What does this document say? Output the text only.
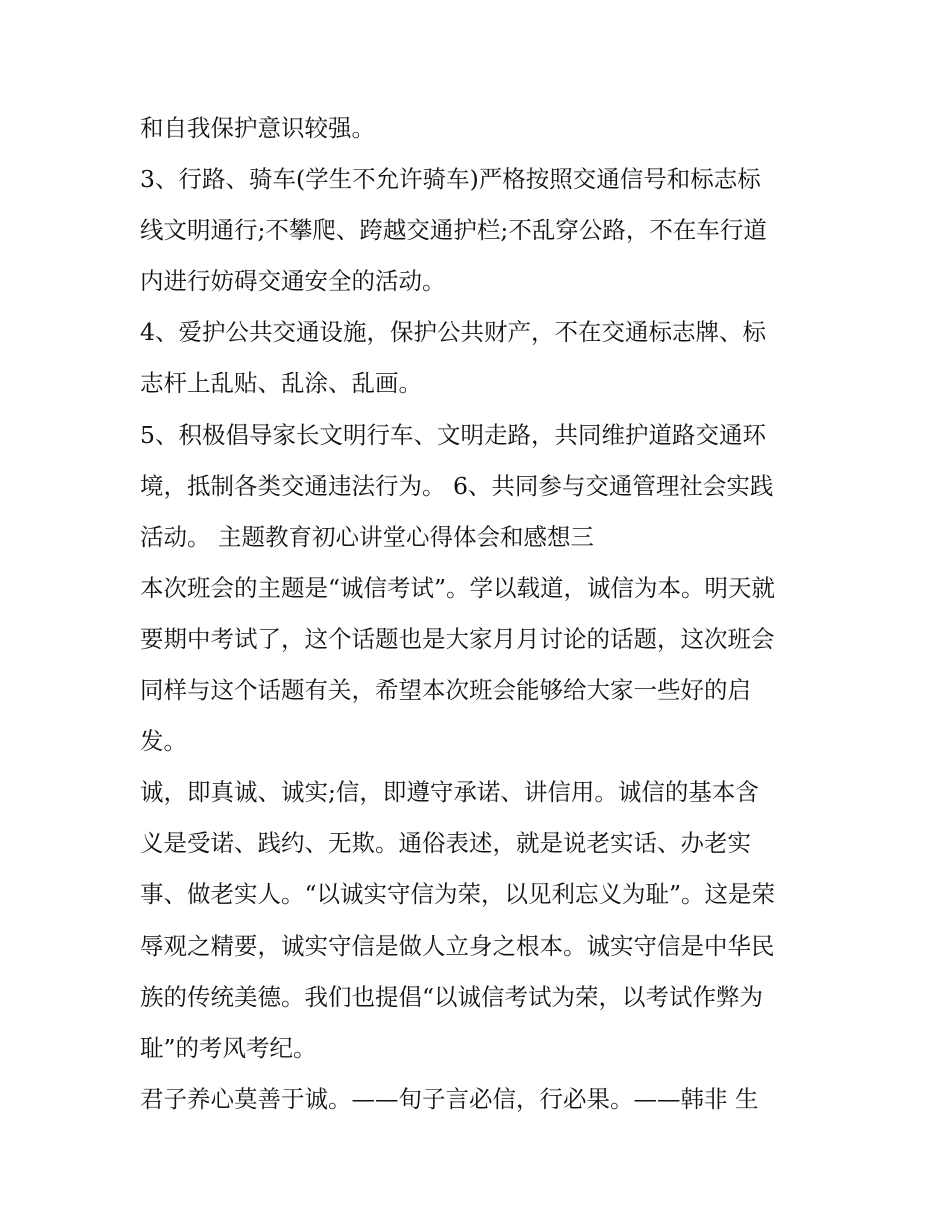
和自我保护意识较强。
3、行路、骑车(学生不允许骑车)严格按照交通信号和标志标
线文明通行;不攀爬、跨越交通护栏;不乱穿公路，不在车行道
内进行妨碍交通安全的活动。
4、爱护公共交通设施，保护公共财产，不在交通标志牌、标
志杆上乱贴、乱涂、乱画。
5、积极倡导家长文明行车、文明走路，共同维护道路交通环
境，抵制各类交通违法行为。 6、共同参与交通管理社会实践
活动。 主题教育初心讲堂心得体会和感想三
本次班会的主题是“诚信考试”。学以载道，诚信为本。明天就
要期中考试了，这个话题也是大家月月讨论的话题，这次班会
同样与这个话题有关，希望本次班会能够给大家一些好的启
发。
诚，即真诚、诚实;信，即遵守承诺、讲信用。诚信的基本含
义是受诺、践约、无欺。通俗表述，就是说老实话、办老实
事、做老实人。“以诚实守信为荣，以见利忘义为耻”。这是荣
辱观之精要，诚实守信是做人立身之根本。诚实守信是中华民
族的传统美德。我们也提倡“以诚信考试为荣，以考试作弊为
耻”的考风考纪。
君子养心莫善于诚。——旬子言必信，行必果。——韩非 生
